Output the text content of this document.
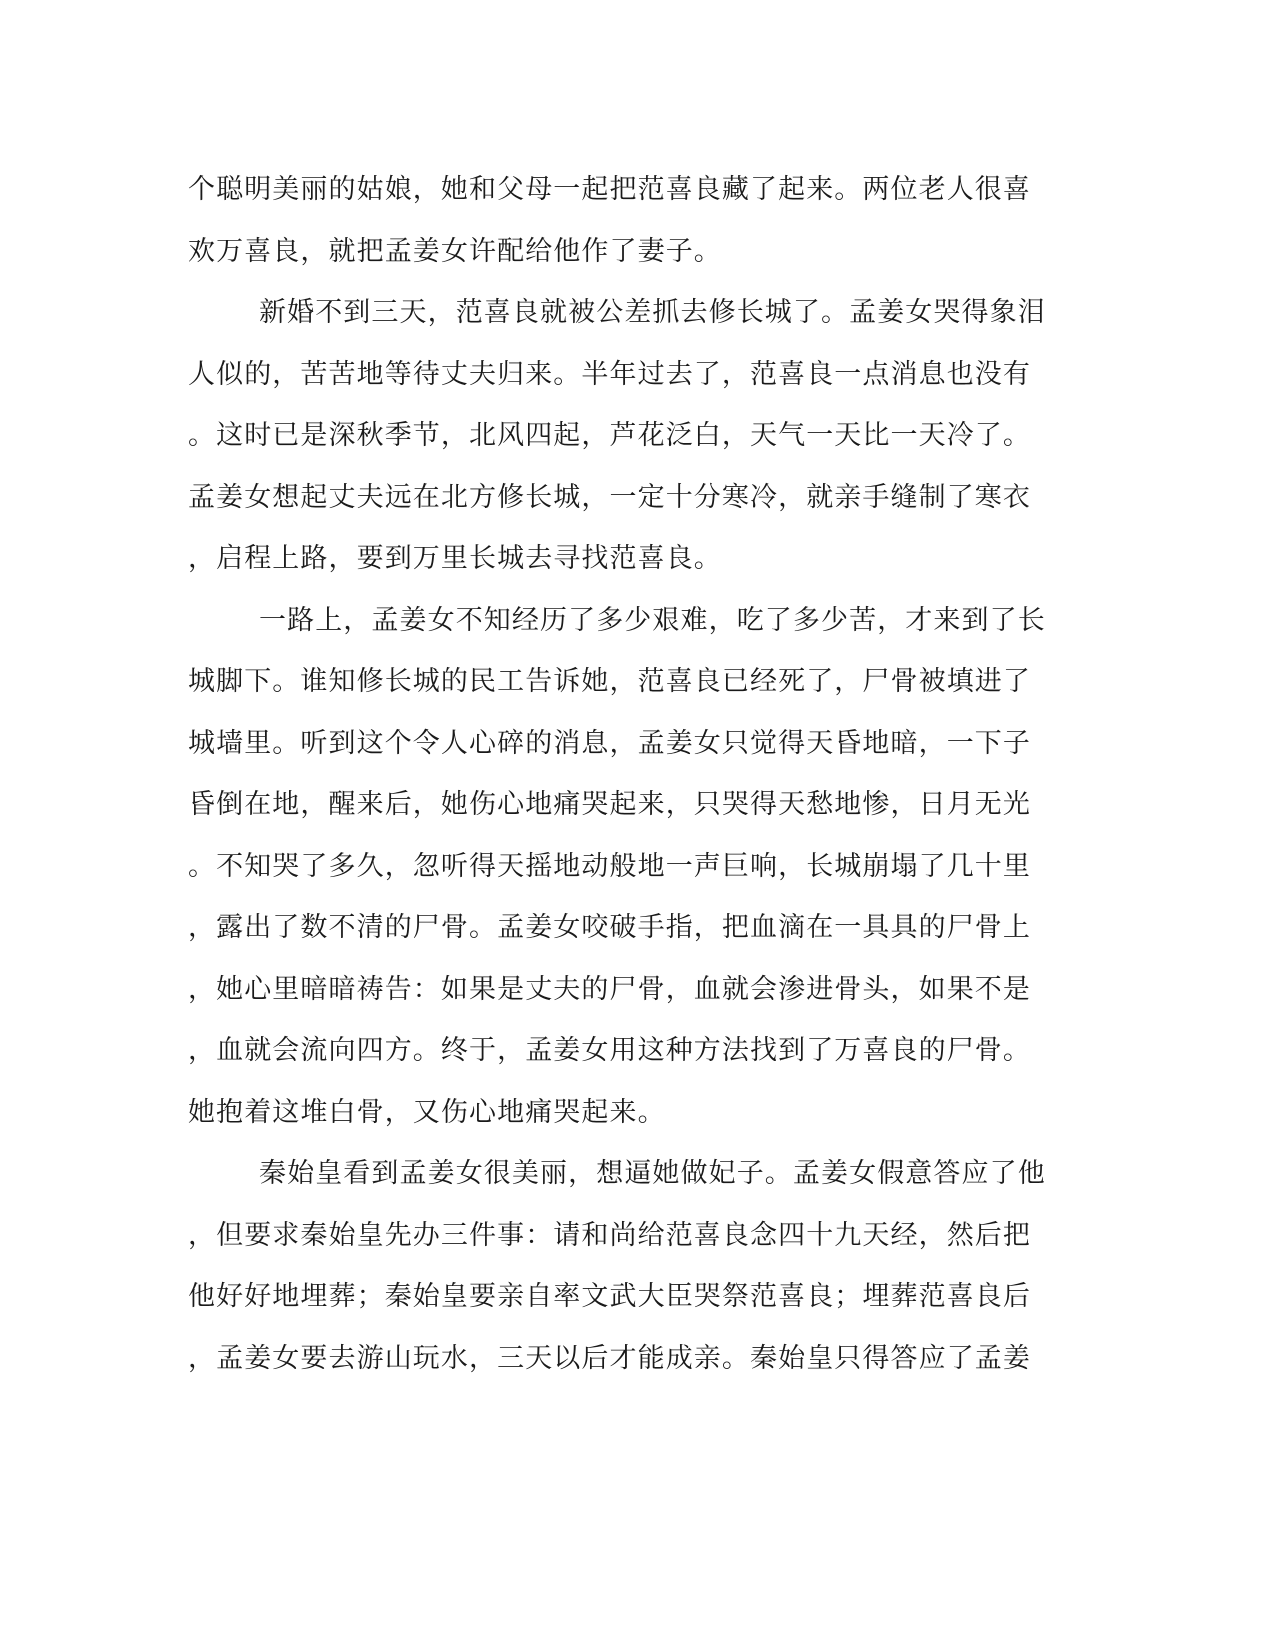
个聪明美丽的姑娘，她和父母一起把范喜良藏了起来。两位老人很喜
欢万喜良，就把孟姜女许配给他作了妻子。
新婚不到三天，范喜良就被公差抓去修长城了。孟姜女哭得象泪
人似的，苦苦地等待丈夫归来。半年过去了，范喜良一点消息也没有
。这时已是深秋季节，北风四起，芦花泛白，天气一天比一天冷了。
孟姜女想起丈夫远在北方修长城，一定十分寒冷，就亲手缝制了寒衣
，启程上路，要到万里长城去寻找范喜良。
一路上，孟姜女不知经历了多少艰难，吃了多少苦，才来到了长
城脚下。谁知修长城的民工告诉她，范喜良已经死了，尸骨被填进了
城墙里。听到这个令人心碎的消息，孟姜女只觉得天昏地暗，一下子
昏倒在地，醒来后，她伤心地痛哭起来，只哭得天愁地惨，日月无光
。不知哭了多久，忽听得天摇地动般地一声巨响，长城崩塌了几十里
，露出了数不清的尸骨。孟姜女咬破手指，把血滴在一具具的尸骨上
，她心里暗暗祷告：如果是丈夫的尸骨，血就会渗进骨头，如果不是
，血就会流向四方。终于，孟姜女用这种方法找到了万喜良的尸骨。
她抱着这堆白骨，又伤心地痛哭起来。
秦始皇看到孟姜女很美丽，想逼她做妃子。孟姜女假意答应了他
，但要求秦始皇先办三件事：请和尚给范喜良念四十九天经，然后把
他好好地埋葬；秦始皇要亲自率文武大臣哭祭范喜良；埋葬范喜良后
，孟姜女要去游山玩水，三天以后才能成亲。秦始皇只得答应了孟姜
